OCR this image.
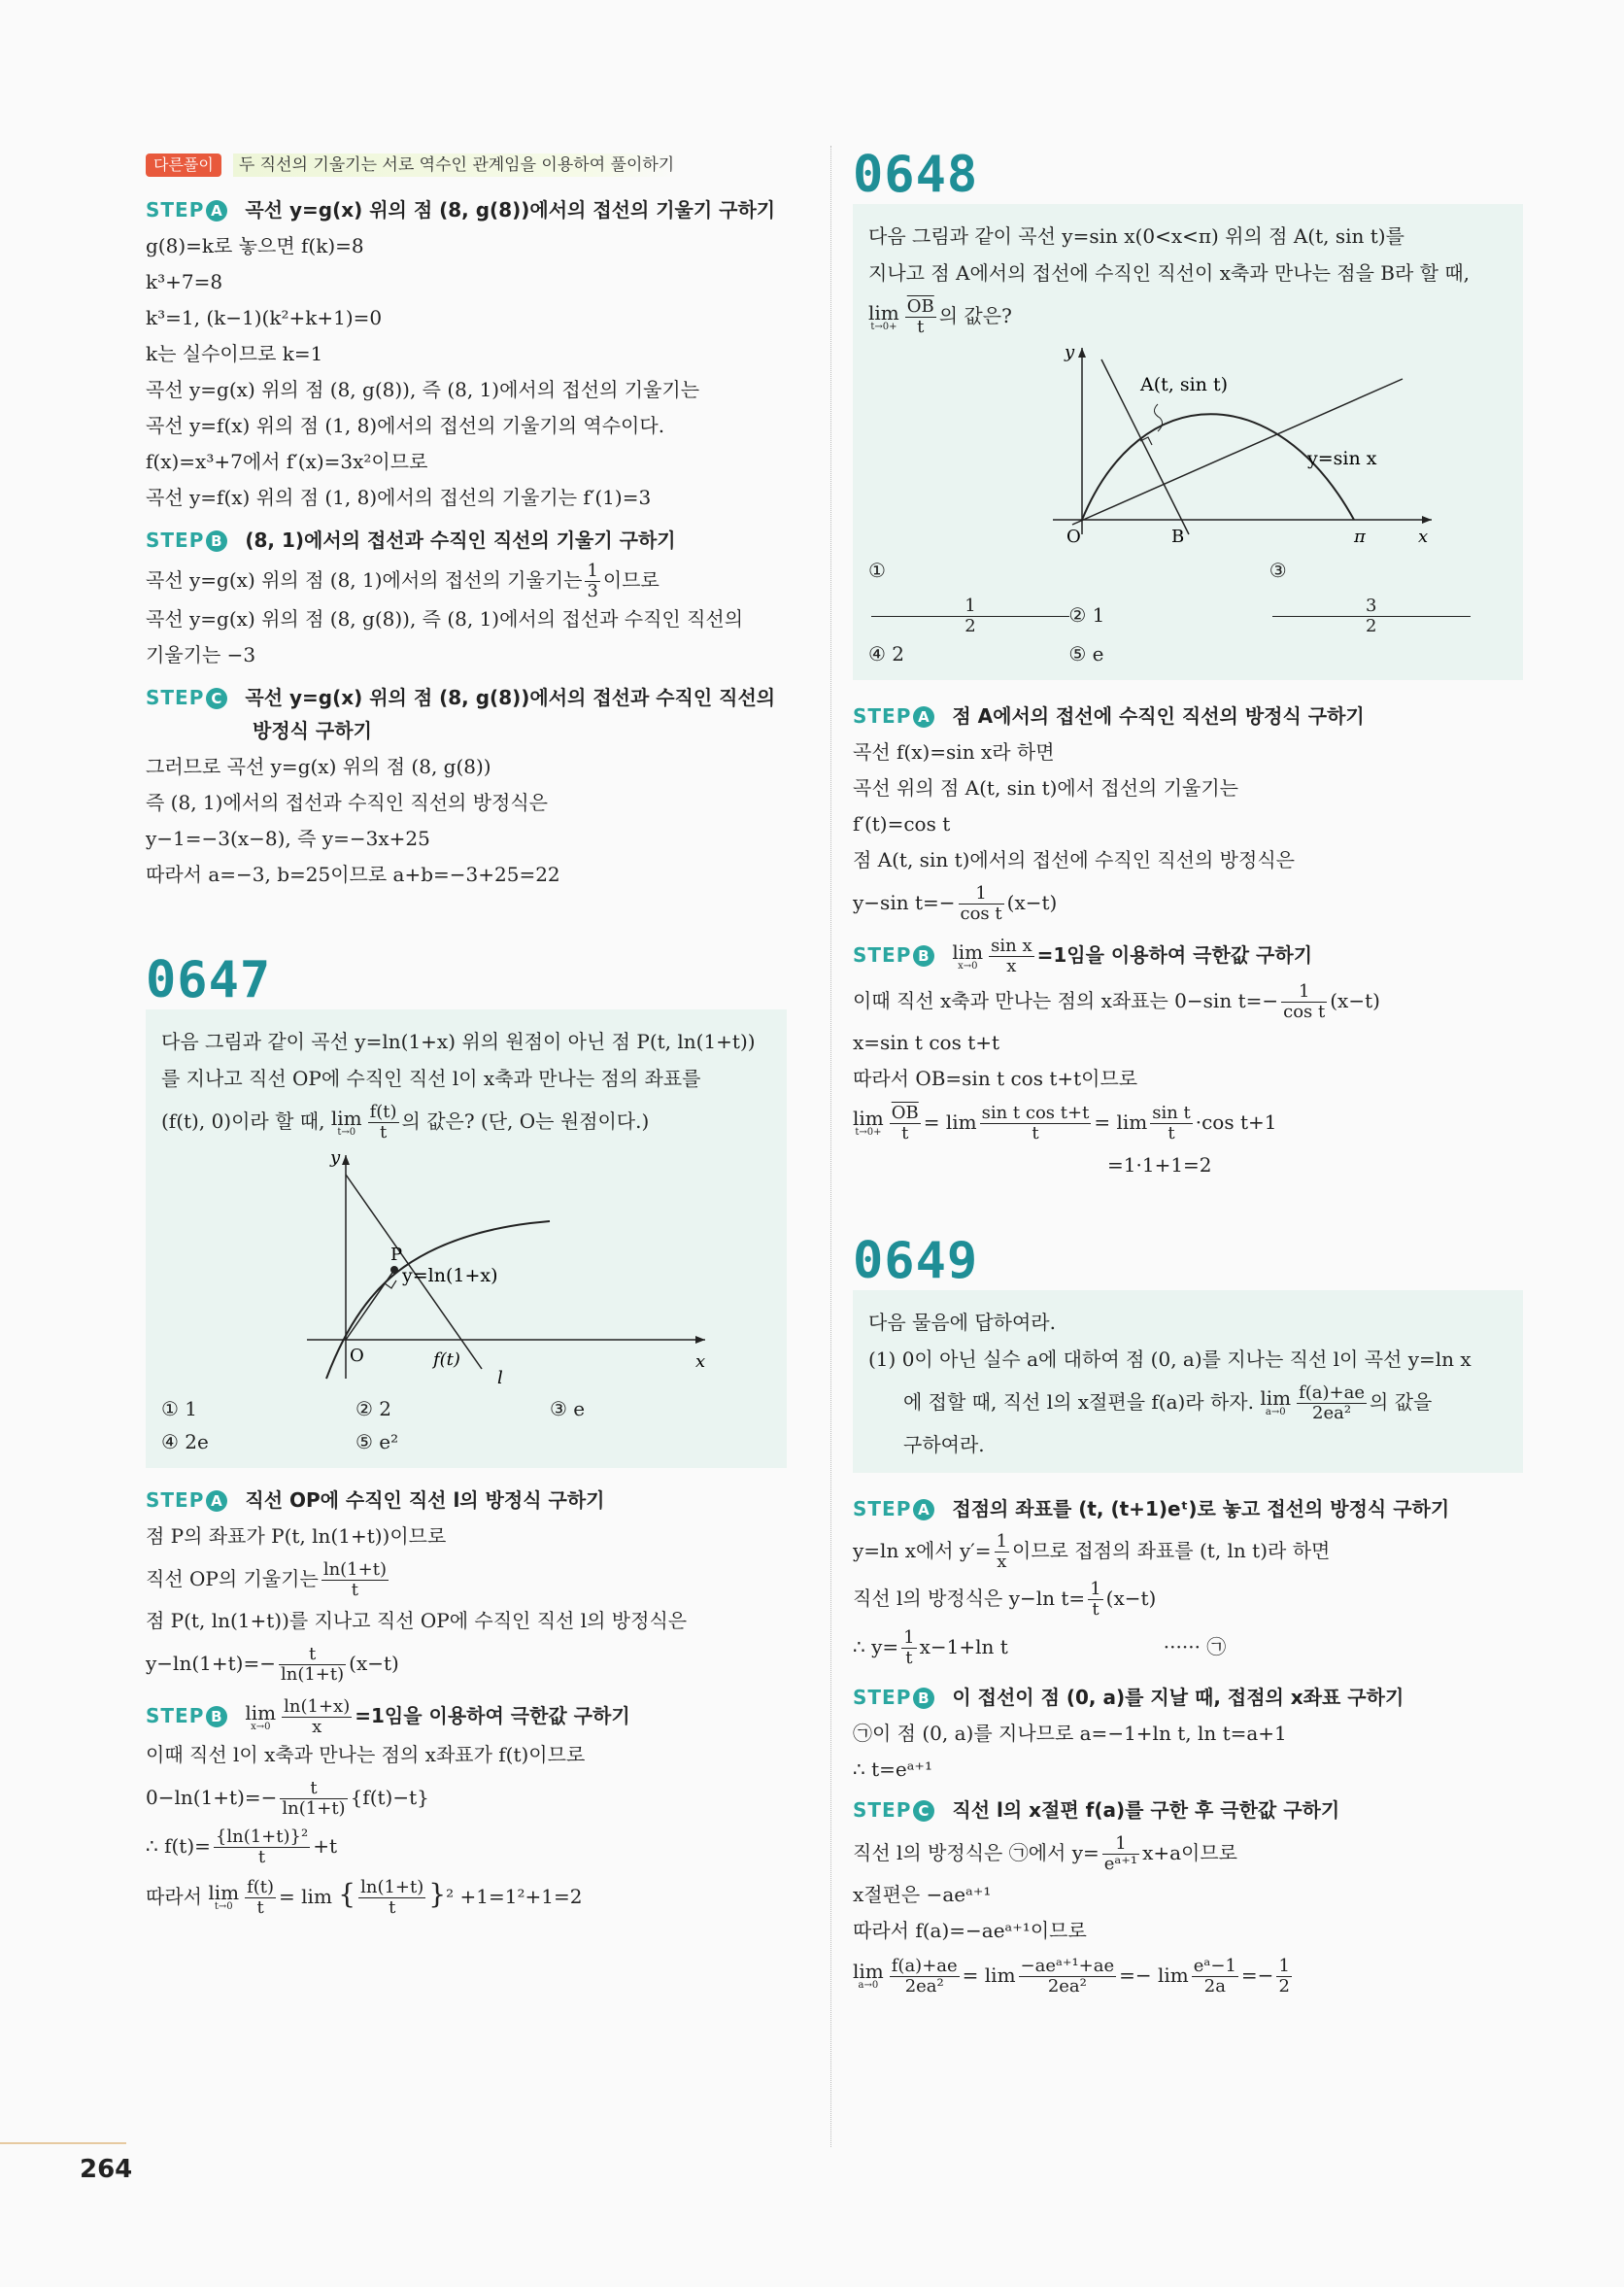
다른풀이 두 직선의 기울기는 서로 역수인 관계임을 이용하여 풀이하기
STEP A 곡선 y=g(x) 위의 점 (8, g(8))에서의 접선의 기울기 구하기
g(8)=k로 놓으면 f(k)=8
k³+7=8
k³=1, (k−1)(k²+k+1)=0
k는 실수이므로 k=1
곡선 y=g(x) 위의 점 (8, g(8)), 즉 (8, 1)에서의 접선의 기울기는
곡선 y=f(x) 위의 점 (1, 8)에서의 접선의 기울기의 역수이다.
f(x)=x³+7에서 f′(x)=3x²이므로
곡선 y=f(x) 위의 점 (1, 8)에서의 접선의 기울기는 f′(1)=3
STEP B (8, 1)에서의 접선과 수직인 직선의 기울기 구하기
곡선 y=g(x) 위의 점 (8, 1)에서의 접선의 기울기는 $\frac{1}{3}$ 이므로
곡선 y=g(x) 위의 점 (8, g(8)), 즉 (8, 1)에서의 접선과 수직인 직선의
기울기는 −3
STEP C 곡선 y=g(x) 위의 점 (8, g(8))에서의 접선과 수직인 직선의
방정식 구하기
그러므로 곡선 y=g(x) 위의 점 (8, g(8))
즉 (8, 1)에서의 접선과 수직인 직선의 방정식은
y−1=−3(x−8), 즉 y=−3x+25
따라서 a=−3, b=25이므로 a+b=−3+25=22
0647
다음 그림과 같이 곡선 y=ln(1+x) 위의 원점이 아닌 점 P(t, ln(1+t))
를 지나고 직선 OP에 수직인 직선 l이 x축과 만나는 점의 좌표를
(f(t), 0)이라 할 때, lim
$t\to 0 \frac{f(t)}{t}$ 의 값은? (단, O는 원점이다.)
y
x
O
P
y=ln(1+x)
f(t)
l
① 1	② 2	③ e
④ 2e	⑤ e²
STEP A 직선 OP에 수직인 직선 l의 방정식 구하기
점 P의 좌표가 P(t, ln(1+t))이므로
직선 OP의 기울기는 $\frac{\ln(1+t)}{t}$
점 P(t, ln(1+t))를 지나고 직선 OP에 수직인 직선 l의 방정식은
$y-\ln(1+t)=- \frac{t}{\ln(1+t)} (x-t)$
STEP B lim
$x\to 0 \frac{\ln(1+x)}{x} =1$임을 이용하여 극한값 구하기
이때 직선 l이 x축과 만나는 점의 x좌표가 f(t)이므로
$0-\ln(1+t)=- \frac{t}{\ln(1+t)} \{f(t)-t\}$
∴ $f(t)= \frac{\text{\{ln(1+t)\}²}}{t} +t$
따라서 lim
$t\to 0 \frac{f(t)}{t} = \lim$ { $\frac{\ln(1+t)}{t} \}^2 +1=1^2+1=2$
0648
다음 그림과 같이 곡선 y=sin x(0<x<π) 위의 점 A(t, sin t)를
지나고 점 A에서의 접선에 수직인 직선이 x축과 만나는 점을 B라 할 때,
lim
$t\to 0+ \frac{\overline{OB}}{t}$ 의 값은?
y
x
O
A(t, sin t)
B	π
y=sin x
①
$\frac{1}{2}$ ② 1 ③
$\frac{3}{2}$
④ 2	⑤ e
STEP A 점 A에서의 접선에 수직인 직선의 방정식 구하기
곡선 f(x)=sin x라 하면
곡선 위의 점 A(t, sin t)에서 접선의 기울기는
f′(t)=cos t
점 A(t, sin t)에서의 접선에 수직인 직선의 방정식은
y−sin $t=- \frac{1}{\text{cos t}} (x-t)$
STEP B lim
$x\to 0 \frac{\text{sin x}}{x} =1$임을 이용하여 극한값 구하기
이때 직선 x축과 만나는 점의 x좌표는 0−sin $t=- \frac{1}{\text{cos t}} (x-t)$
x=sin t cos t+t
따라서 OB=sin t cos t+t이므로
lim
$t\to 0+ \frac{\overline{OB}}{t} = \lim \frac{\text{sin t cos t+t}}{t} = \lim \frac{\text{sin t}}{t} \cdot\cos$ t+1
=1·1+1=2
0649
다음 물음에 답하여라.
(1) 0이 아닌 실수 a에 대하여 점 (0, a)를 지나는 직선 l이 곡선 y=ln x
에 접할 때, 직선 l의 x절편을 f(a)라 하자. lim
$a\to 0 \frac{f(a)+ae}{\text{2ea²}}$ 의 값을
구하여라.
STEP A 접점의 좌표를 (t, (t+1)eᵗ)로 놓고 접선의 방정식 구하기
y=ln x에서 $y'= \frac{1}{x}$ 이므로 접점의 좌표를 (t, ln t)라 하면
직선 l의 방정식은 y−ln $t= \frac{1}{t} (x-t)$
∴ $y= \frac{1}{t} x-1+\ln$ t	······ ㉠
STEP B 이 접선이 점 (0, a)를 지날 때, 접점의 x좌표 구하기
㉠이 점 (0, a)를 지나므로 a=−1+ln t, ln t=a+1
∴ t=eᵃ⁺¹
STEP C 직선 l의 x절편 f(a)를 구한 후 극한값 구하기
직선 l의 방정식은 ㉠에서 $y= \frac{1}{\text{eᵃ⁺¹}} x+a$이므로
x절편은 −aeᵃ⁺¹
따라서 f(a)=−aeᵃ⁺¹이므로
lim
$a\to 0 \frac{f(a)+ae}{\text{2ea²}} = \lim \frac{\text{−aeᵃ⁺¹+ae}}{\text{2ea²}} =- \lim \frac{\text{eᵃ−1}}{2a} =- \frac{1}{2}$
264
